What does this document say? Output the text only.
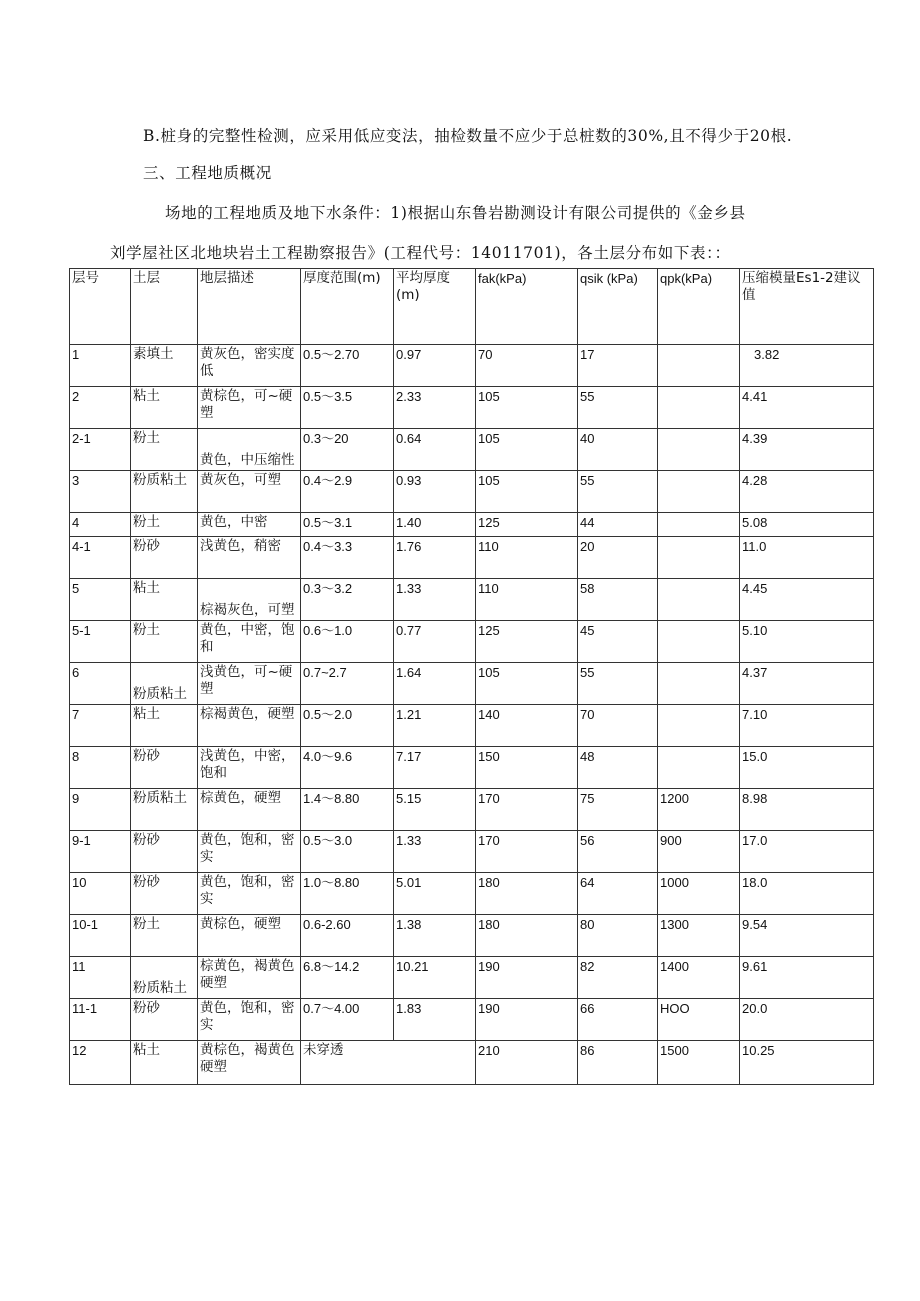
B.桩身的完整性检测，应采用低应变法，抽检数量不应少于总桩数的30%,且不得少于20根.
三、工程地质概况
场地的工程地质及地下水条件：1)根据山东鲁岩勘测设计有限公司提供的《金乡县
刘学屋社区北地块岩土工程勘察报告》(工程代号：14011701)，各土层分布如下表：：
层号	土层	地层描述	厚度范围(m)	平均厚度(m)	fak(kPa)	qsik (kPa)	qpk(kPa)	压缩模量Es1-2建议值
1	素填土	黄灰色，密实度低	0.5～2.70	0.97	70	17		3.82
2	粘土	黄棕色，可~硬塑	0.5～3.5	2.33	105	55		4.41
2-1	粉土	黄色，中压缩性	0.3～20	0.64	105	40		4.39
3	粉质粘土	黄灰色，可塑	0.4～2.9	0.93	105	55		4.28
4	粉土	黄色，中密	0.5～3.1	1.40	125	44		5.08
4-1	粉砂	浅黄色，稍密	0.4～3.3	1.76	110	20		11.0
5	粘土	棕褐灰色，可塑	0.3～3.2	1.33	110	58		4.45
5-1	粉土	黄色，中密，饱和	0.6～1.0	0.77	125	45		5.10
6	粉质粘土	浅黄色，可~硬塑	0.7~2.7	1.64	105	55		4.37
7	粘土	棕褐黄色，硬塑	0.5～2.0	1.21	140	70		7.10
8	粉砂	浅黄色，中密，饱和	4.0～9.6	7.17	150	48		15.0
9	粉质粘土	棕黄色，硬塑	1.4～8.80	5.15	170	75	1200	8.98
9-1	粉砂	黄色，饱和，密实	0.5～3.0	1.33	170	56	900	17.0
10	粉砂	黄色，饱和，密实	1.0～8.80	5.01	180	64	1000	18.0
10-1	粉土	黄棕色，硬塑	0.6-2.60	1.38	180	80	1300	9.54
11	粉质粘土	棕黄色，褐黄色硬塑	6.8～14.2	10.21	190	82	1400	9.61
11-1	粉砂	黄色，饱和，密实	0.7～4.00	1.83	190	66	HOO	20.0
12	粘土	黄棕色，褐黄色硬塑	未穿透		210	86	1500	10.25
